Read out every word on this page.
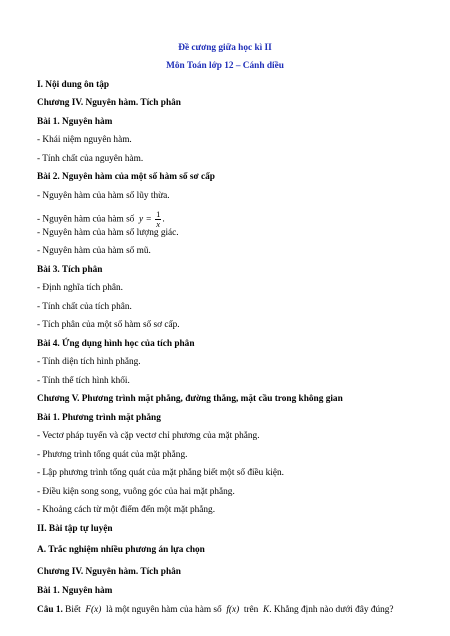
Đề cương giữa học kì II
Môn Toán lớp 12 – Cánh diều
I. Nội dung ôn tập
Chương IV. Nguyên hàm. Tích phân
Bài 1. Nguyên hàm
- Khái niệm nguyên hàm.
- Tính chất của nguyên hàm.
Bài 2. Nguyên hàm của một số hàm số sơ cấp
- Nguyên hàm của hàm số lũy thừa.
- Nguyên hàm của hàm số $y = \frac{1}{x}$ .
- Nguyên hàm của hàm số lượng giác.
- Nguyên hàm của hàm số mũ.
Bài 3. Tích phân
- Định nghĩa tích phân.
- Tính chất của tích phân.
- Tích phân của một số hàm số sơ cấp.
Bài 4. Ứng dụng hình học của tích phân
- Tính diện tích hình phẳng.
- Tính thể tích hình khối.
Chương V. Phương trình mặt phẳng, đường thẳng, mặt cầu trong không gian
Bài 1. Phương trình mặt phẳng
- Vectơ pháp tuyến và cặp vectơ chỉ phương của mặt phẳng.
- Phương trình tổng quát của mặt phẳng.
- Lập phương trình tổng quát của mặt phẳng biết một số điều kiện.
- Điều kiện song song, vuông góc của hai mặt phẳng.
- Khoảng cách từ một điểm đến một mặt phẳng.
II. Bài tập tự luyện
A. Trắc nghiệm nhiều phương án lựa chọn
Chương IV. Nguyên hàm. Tích phân
Bài 1. Nguyên hàm
Câu 1. Biết F(x) là một nguyên hàm của hàm số f(x) trên K. Khẳng định nào dưới đây đúng?
